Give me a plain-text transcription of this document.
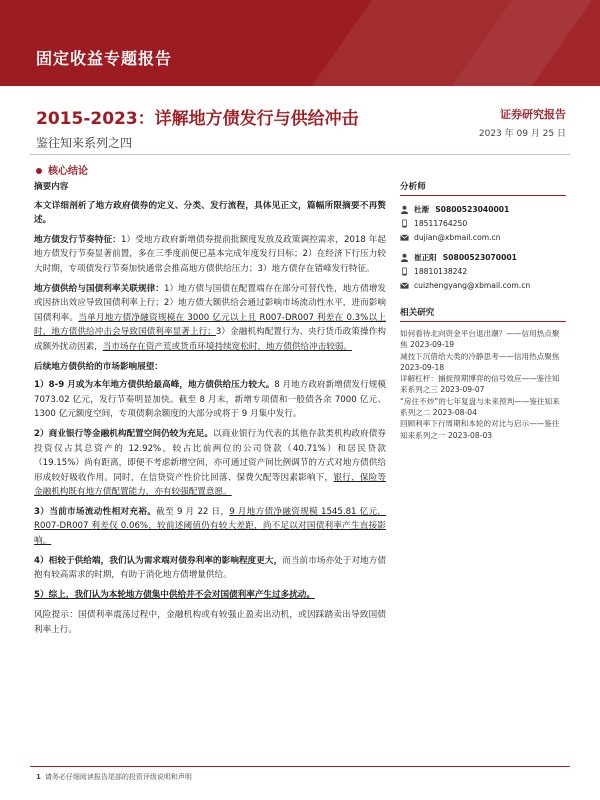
固定收益专题报告
2015-2023：详解地方债发行与供给冲击
鉴往知来系列之四
证券研究报告
2023 年 09 月 25 日
核心结论

摘要内容

本文详细剖析了地方政府债券的定义、分类、发行流程，具体见正文，篇幅所限摘要不再赘述。

地方债发行节奏特征：1）受地方政府新增债券提前批额度发放及政策调控需求，2018 年起地方债发行节奏显著前置，多在三季度前便已基本完成年度发行目标；2）在经济下行压力较大时期，专项债发行节奏加快通常会推高地方债供给压力；3）地方债存在错峰发行特征。

地方债供给与国债利率关联规律：1）地方债与国债在配置端存在部分可替代性，地方债增发或因挤出效应导致国债利率上行；2）地方债大额供给会通过影响市场流动性水平，进而影响国债利率。当单月地方债净融资规模在 3000 亿元以上且 R007-DR007 利差在 0.3%以上时，地方债供给冲击会导致国债利率显著上行；3）金融机构配置行为、央行货币政策操作构成额外扰动因素，当市场存在资产荒或货币环境持续宽松时，地方债供给冲击较弱。

后续地方债供给的市场影响展望：

1）8-9 月或为本年地方债供给最高峰，地方债供给压力较大。8 月地方政府新增债发行规模 7073.02 亿元，发行节奏明显加快。截至 8 月末，新增专项债和一般债各余 7000 亿元、1300 亿元额度空间，专项债剩余额度的大部分或将于 9 月集中发行。

2）商业银行等金融机构配置空间仍较为充足。以商业银行为代表的其他存款类机构政府债券投资仅占其总资产的 12.92%，较占比前两位的公司贷款（40.71%）和居民贷款（19.15%）尚有距离，即便不考虑新增空间，亦可通过资产间比例调节的方式对地方债供给形成较好吸收作用。同时，在信贷资产性价比回落、保费欠配等因素影响下，银行、保险等金融机构既有地方债配置能力，亦有较强配置意愿。

3）当前市场流动性相对充裕。截至 9 月 22 日，9 月地方债净融资规模 1545.81 亿元，R007-DR007 利差仅 0.06%，较前述阈值仍有较大差距，尚不足以对国债利率产生直接影响。

4）相较于供给端，我们认为需求端对债券利率的影响程度更大，而当前市场亦处于对地方债抱有较高需求的时期，有助于消化地方债增量供给。

5）综上，我们认为本轮地方债集中供给并不会对国债利率产生过多扰动。

风险提示：国债利率震荡过程中，金融机构或有较强止盈卖出动机，或因踩踏卖出导致国债利率上行。

分析师
杜渐 S0800523040001
18511764250
dujian@xbmail.com.cn
崔正阳 S0800523070001
18810138242
cuizhengyang@xbmail.com.cn
相关研究
如何看待北向资金平台退出潮？——信用热点聚焦 2023-09-19
减技下沉借给大类的冷静思考——信用热点聚焦 2023-09-18
详解杠杆：捕捉预期博弈的信号效应——鉴往知来系列之三 2023-09-07
“房住不炒”的七年复盘与未来预判——鉴往知来系列之二 2023-08-04
回顾利率下行周期和本轮的对比与启示——鉴往知来系列之一 2023-08-03
1 请务必仔细阅读报告尾部的投资评级说明和声明
